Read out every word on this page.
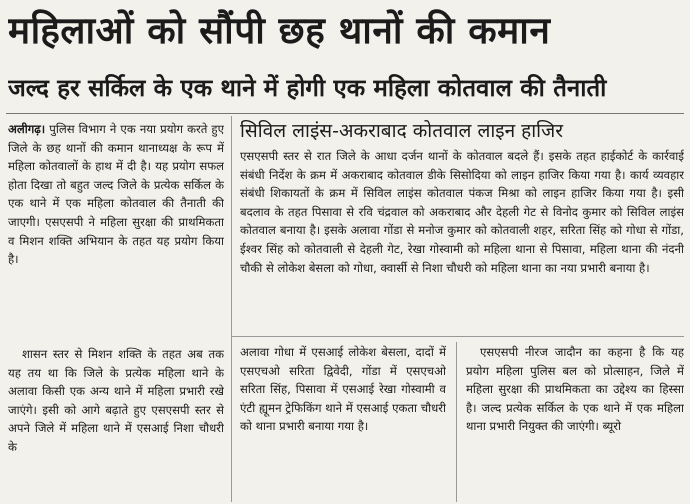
महिलाओं को सौंपी छह थानों की कमान
जल्द हर सर्किल के एक थाने में होगी एक महिला कोतवाल की तैनाती
अलीगढ़। पुलिस विभाग ने एक नया प्रयोग करते हुए जिले के छह थानों की कमान थानाध्यक्ष के रूप में महिला कोतवालों के हाथ में दी है। यह प्रयोग सफल होता दिखा तो बहुत जल्द जिले के प्रत्येक सर्किल के एक थाने में एक महिला कोतवाल की तैनाती की जाएगी। एसएसपी ने महिला सुरक्षा की प्राथमिकता व मिशन शक्ति अभियान के तहत यह प्रयोग किया है।
शासन स्तर से मिशन शक्ति के तहत अब तक यह तय था कि जिले के प्रत्येक महिला थाने के अलावा किसी एक अन्य थाने में महिला प्रभारी रखे जाएंगे। इसी को आगे बढ़ाते हुए एसएसपी स्तर से अपने जिले में महिला थाने में एसआई निशा चौधरी के
सिविल लाइंस-अकराबाद कोतवाल लाइन हाजिर
एसएसपी स्तर से रात जिले के आधा दर्जन थानों के कोतवाल बदले हैं। इसके तहत हाईकोर्ट के कार्रवाई संबंधी निर्देश के क्रम में अकराबाद कोतवाल डीके सिसोदिया को लाइन हाजिर किया गया है। कार्य व्यवहार संबंधी शिकायतों के क्रम में सिविल लाइंस कोतवाल पंकज मिश्रा को लाइन हाजिर किया गया है। इसी बदलाव के तहत पिसावा से रवि चंद्रवाल को अकराबाद और देहली गेट से विनोद कुमार को सिविल लाइंस कोतवाल बनाया है। इसके अलावा गोंडा से मनोज कुमार को कोतवाली शहर, सरिता सिंह को गोधा से गोंडा, ईश्वर सिंह को कोतवाली से देहली गेट, रेखा गोस्वामी को महिला थाना से पिसावा, महिला थाना की नंदनी चौकी से लोकेश बेसला को गोधा, क्वार्सी से निशा चौधरी को महिला थाना का नया प्रभारी बनाया है।
अलावा गोधा में एसआई लोकेश बेसला, दादों में एसएचओ सरिता द्विवेदी, गोंडा में एसएचओ सरिता सिंह, पिसावा में एसआई रेखा गोस्वामी व एंटी ह्यूमन ट्रेफिकिंग थाने में एसआई एकता चौधरी को थाना प्रभारी बनाया गया है।
एसएसपी नीरज जादौन का कहना है कि यह प्रयोग महिला पुलिस बल को प्रोत्साहन, जिले में महिला सुरक्षा की प्राथमिकता का उद्देश्य का हिस्सा है। जल्द प्रत्येक सर्किल के एक थाने में एक महिला थाना प्रभारी नियुक्त की जाएंगी। ब्यूरो
